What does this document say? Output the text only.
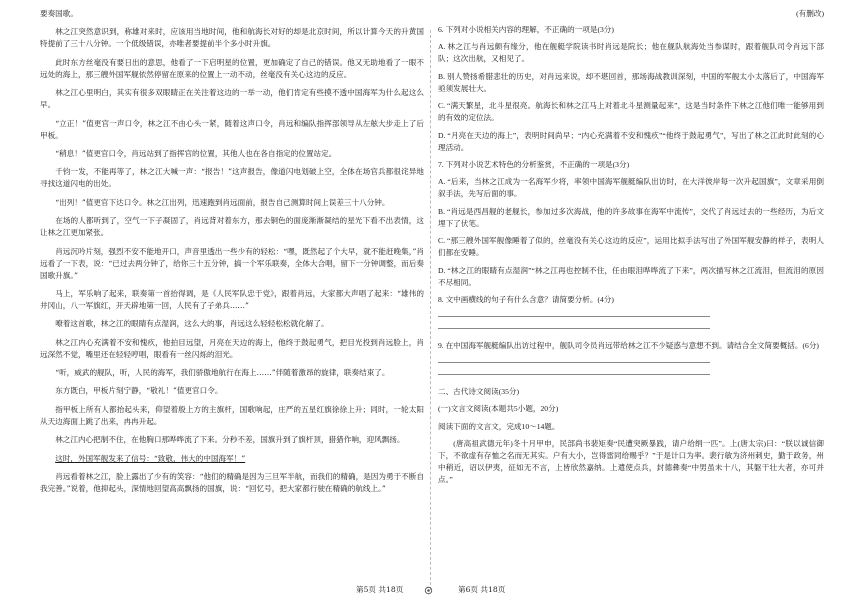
要奏国歌。
林之江突然意识到，称雄对来时，应该用当地时间，他和航海长对好的却是北京时间，所以计算今天的升黄国特提前了三十八分钟。一个低级错误，亦唯者要提前半个多小时升旗。
此时东方丝毫没有要日出的意思，他看了一下启明星的位置，更加确定了自己的错误。他又无助地看了一眼不远处的海上，那三艘外国军舰依然停留在原来的位置上一动不动，丝毫没有关心这边的反应。
林之江心里明白，其实有很多双眼睛正在关注着这边的一举一动，他们肯定有些摸不透中国海军为什么起这么早。
“立正！”值更官一声口令，林之江不由心头一紧，随着这声口令，肖远和编队指挥部领导从左舷大步走上了后甲板。
“稍息！”值更官口令，肖远站到了指挥官的位置，其他人也在各自指定的位置站定。
千钧一发，不能再等了，林之江大喊一声：“报告！”这声报告，像道闪电划破上空，全体在场官兵都很诧异地寻找这道闪电的出处。
“出列！”值更官下达口令。林之江出列，迅速跑到肖远面前，报告自己测算时间上误差三十八分钟。
在场的人都听到了，空气一下子凝固了，肖远背对着东方，那去铜色的面庞渐渐凝结的星光下看不出表情，这让林之江更加紧张。
肖远沉吟片刻，强烈不安不能地开口，声音里透出一些少有的轻松：“嘿，既然起了个大早，就不能赶晚集，”肖远看了一下表，说：“已过去两分钟了，给你三十五分钟，搞一个军乐联奏，全体大合唱，留下一分钟调整，而后奏国歌升旗。”
马上，军乐响了起来，联奏第一首抬得调，是《人民军队忠于党》，跟着肖远，大家都大声唱了起来：“雄伟的井冈山，八一军旗红，开天辟地第一回，人民有了子弟兵……”
嘹着这首歌，林之江的眼睛有点湿润，这么大的事，肖远这么轻轻松松就化解了。
林之江内心充满着不安和愧疚，他拍目远望，月亮在天边的海上，他终于鼓起勇气，把目光投到肖远脸上，肖远深然不觉，嘴里还在轻轻哼唱，眼看有一丝闪烁的泪光。
“听，威武的舰队，听，人民的海军，我们骄傲地航行在海上……”伴随着激昂的旋律，联奏结束了。
东方既白，甲板片刻宁静，“敬礼！”值更官口令。
指甲板上所有人都抬起头来，仰望着殷上方的主旗杆，国歌响起，庄严的五星红旗徐徐上升；同时，一轮太阳从天边海面上跳了出来，冉冉升起。
林之江内心把制不住，在他胸口那哗哗流了下来。分秒不差，国旗升到了旗杆顶，猎猎作响，迎风飘扬。
这时，外国军舰发来了信号：“致敬，伟大的中国海军！”
肖远看着林之江，脸上露出了少有的笑容：“他们的精确是因为三旦军半航，而我们的精确，是因为勇于不断自我完善。”说着，他抑起头，深情地回望高高飘扬的国旗，说：“回忆号，把大家都行驶在精确的航线上。”
(有删改)
6. 下列对小说相关内容的理解，不正确的一项是(3分)
A. 林之江与肖远颇有缘分，他在舰艇学院读书时肖远是院长；他在舰队航海处当参谋时，跟着舰队司令肖远下部队；这次出航，又相见了。
B. 别人赞扬希腊悲壮的历史，对肖远来说，却不堪回首，那场海战教训深刻，中国的军舰太小太落后了，中国海军亟须发展壮大。
C. “满天繁星，北斗星很亮。航海长和林之江马上对着北斗星测量起来”，这是当时条件下林之江他们唯一能够用到的有效的定位法。
D. “月亮在天边的海上”，表明时间尚早；“内心充满着不安和愧疚”“他终于鼓起勇气”，写出了林之江此时此刻的心理活动。
7. 下列对小说艺术特色的分析鉴赏，不正确的一项是(3分)
A. “后来，当林之江成为一名海军少将，率领中国海军舰艇编队出访时，在大洋彼岸每一次升起国旗”，文章采用倒叙手法，先写后面的事。
B. “肖远是西昌舰的老舰长，参加过多次海战，他的许多故事在海军中流传”，交代了肖远过去的一些经历，为后文埋下了伏笔。
C. “那三艘外国军舰像睡着了似的，丝毫没有关心这边的反应”，运用比拟手法写出了外国军舰安静的样子，表明人们都在安睡。
D. “林之江的眼睛有点湿润”“林之江再也控制不住，任由眼泪哗哗流了下来”，两次描写林之江流泪，但流泪的原因不尽相同。
8. 文中画横线的句子有什么含意？请简要分析。(4分)
9. 在中国海军舰艇编队出访过程中，舰队司令员肖远带给林之江不少疑惑与意想不到。请结合全文简要概括。(6分)
二、古代诗文阅读(35分)
(一)文言文阅读(本题共5小题，20分)
阅读下面的文言文，完成10～14题。
(唐高祖武德元年)冬十月甲申，民部尚书裴矩奏“民遭突厥暴践，请户给绢一匹”。上(唐太宗)曰：“朕以诚信御下，不欲虚有存恤之名而无其实。户有大小，岂得雷同给赐乎？”于是计口为率。裴行敏为济州刺史，勤于政务，州中稍近，诏以伊夷，征如无不言，上皆欣然嘉纳。上遣使点兵，封德彝奏“中男虽未十八，其躯干壮大者，亦可并点。”
第5页 共18页	第6页 共18页
